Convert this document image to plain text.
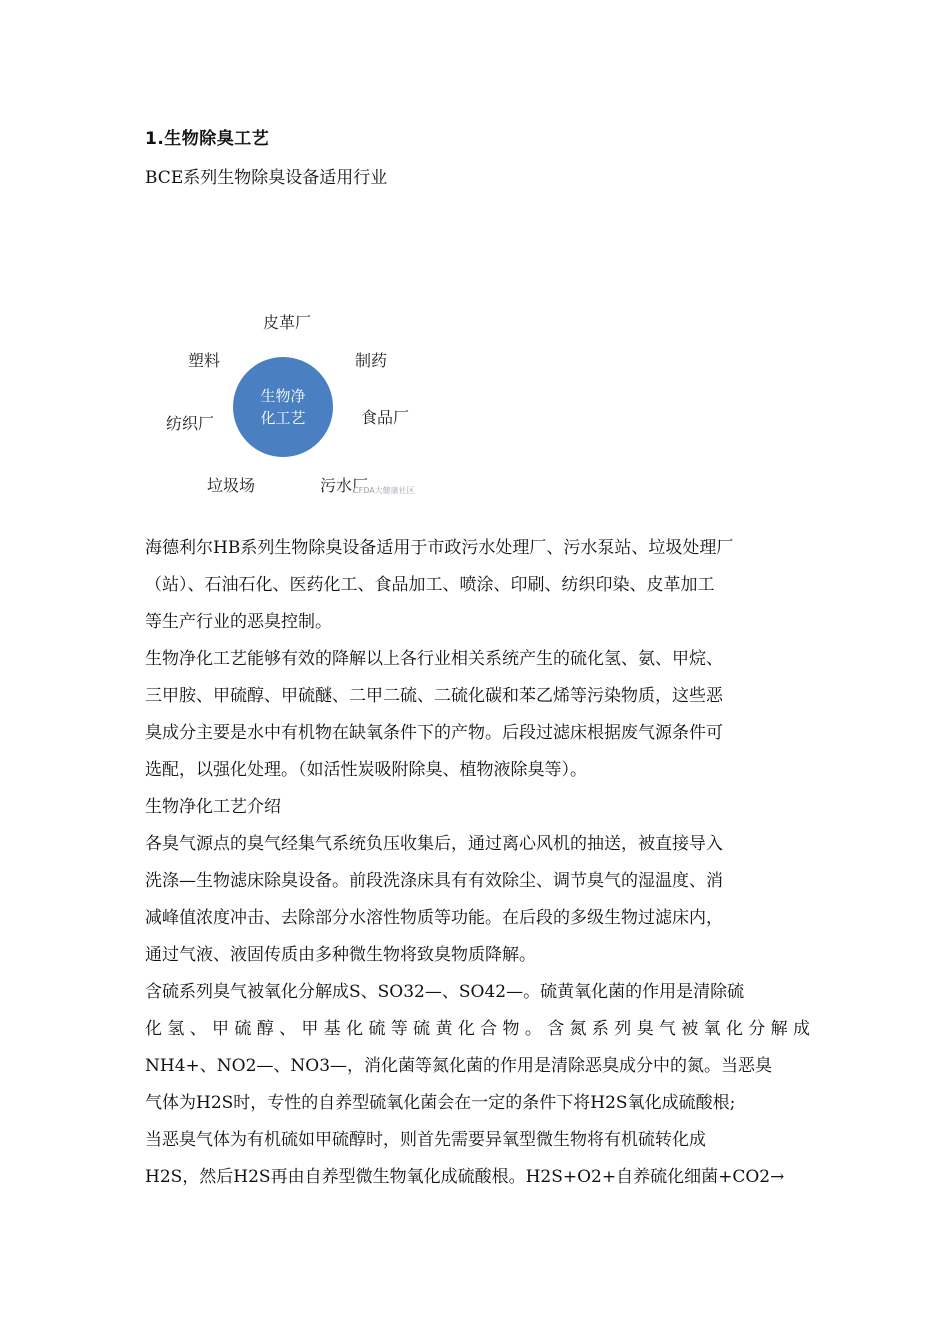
1.生物除臭工艺
BCE系列生物除臭设备适用行业
皮革厂
塑料	制药
纺织厂	食品厂
垃圾场	污水厂
生物净
化工艺
CFDA大健康社区

海德利尔HB系列生物除臭设备适用于市政污水处理厂、污水泵站、垃圾处理厂
（站）、石油石化、医药化工、食品加工、喷涂、印刷、纺织印染、皮革加工
等生产行业的恶臭控制。

生物净化工艺能够有效的降解以上各行业相关系统产生的硫化氢、氨、甲烷、
三甲胺、甲硫醇、甲硫醚、二甲二硫、二硫化碳和苯乙烯等污染物质，这些恶
臭成分主要是水中有机物在缺氧条件下的产物。后段过滤床根据废气源条件可
选配，以强化处理。（如活性炭吸附除臭、植物液除臭等）。

生物净化工艺介绍

各臭气源点的臭气经集气系统负压收集后，通过离心风机的抽送，被直接导入
洗涤—生物滤床除臭设备。前段洗涤床具有有效除尘、调节臭气的湿温度、消
减峰值浓度冲击、去除部分水溶性物质等功能。在后段的多级生物过滤床内，
通过气液、液固传质由多种微生物将致臭物质降解。

含硫系列臭气被氧化分解成S、SO32—、SO42—。硫黄氧化菌的作用是清除硫
化氢、甲硫醇、甲基化硫等硫黄化合物。含氮系列臭气被氧化分解成
NH4+、NO2—、NO3—，消化菌等氮化菌的作用是清除恶臭成分中的氮。当恶臭
气体为H2S时，专性的自养型硫氧化菌会在一定的条件下将H2S氧化成硫酸根;
当恶臭气体为有机硫如甲硫醇时，则首先需要异氧型微生物将有机硫转化成
H2S，然后H2S再由自养型微生物氧化成硫酸根。H2S+O2+自养硫化细菌+CO2→
